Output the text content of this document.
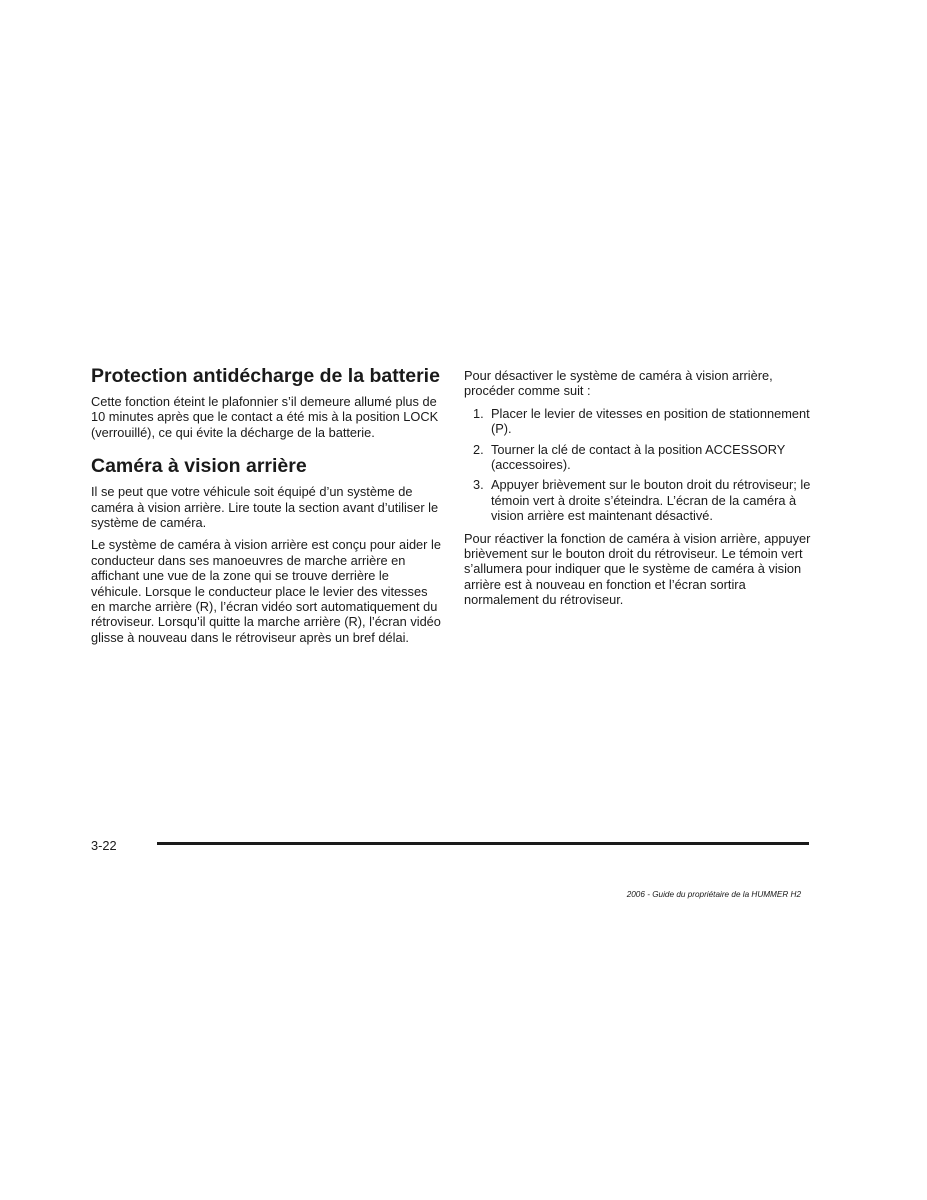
Protection antidécharge de la batterie

Cette fonction éteint le plafonnier s’il demeure allumé plus de 10 minutes après que le contact a été mis à la position LOCK (verrouillé), ce qui évite la décharge de la batterie.

Caméra à vision arrière

Il se peut que votre véhicule soit équipé d’un système de caméra à vision arrière. Lire toute la section avant d’utiliser le système de caméra.

Le système de caméra à vision arrière est conçu pour aider le conducteur dans ses manoeuvres de marche arrière en affichant une vue de la zone qui se trouve derrière le véhicule. Lorsque le conducteur place le levier des vitesses en marche arrière (R), l’écran vidéo sort automatiquement du rétroviseur. Lorsqu’il quitte la marche arrière (R), l’écran vidéo glisse à nouveau dans le rétroviseur après un bref délai.

Pour désactiver le système de caméra à vision arrière, procéder comme suit :

1. Placer le levier de vitesses en position de stationnement (P).
2. Tourner la clé de contact à la position ACCESSORY (accessoires).
3. Appuyer brièvement sur le bouton droit du rétroviseur; le témoin vert à droite s’éteindra. L’écran de la caméra à vision arrière est maintenant désactivé.

Pour réactiver la fonction de caméra à vision arrière, appuyer brièvement sur le bouton droit du rétroviseur. Le témoin vert s’allumera pour indiquer que le système de caméra à vision arrière est à nouveau en fonction et l’écran sortira normalement du rétroviseur.

3-22
2006 - Guide du propriétaire de la HUMMER H2
